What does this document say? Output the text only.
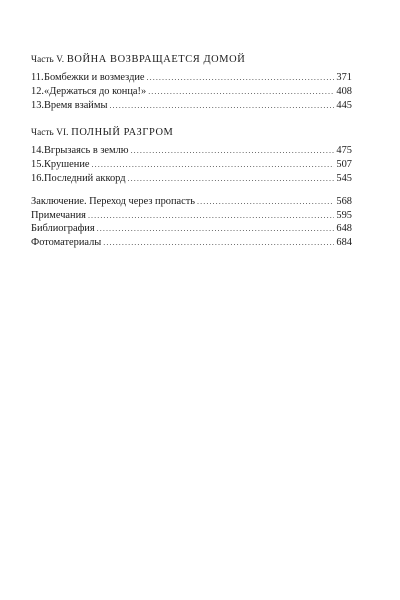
Часть V. ВОЙНА ВОЗВРАЩАЕТСЯ ДОМОЙ
11. Бомбежки и возмездие .....	371
12. «Держаться до конца!» .....	408
13. Время взаймы .....	445
Часть VI. ПОЛНЫЙ РАЗГРОМ
14. Вгрызаясь в землю .....	475
15. Крушение .....	507
16. Последний аккорд .....	545
Заключение. Переход через пропасть .....	568
Примечания .....	595
Библиография .....	648
Фотоматериалы .....	684
